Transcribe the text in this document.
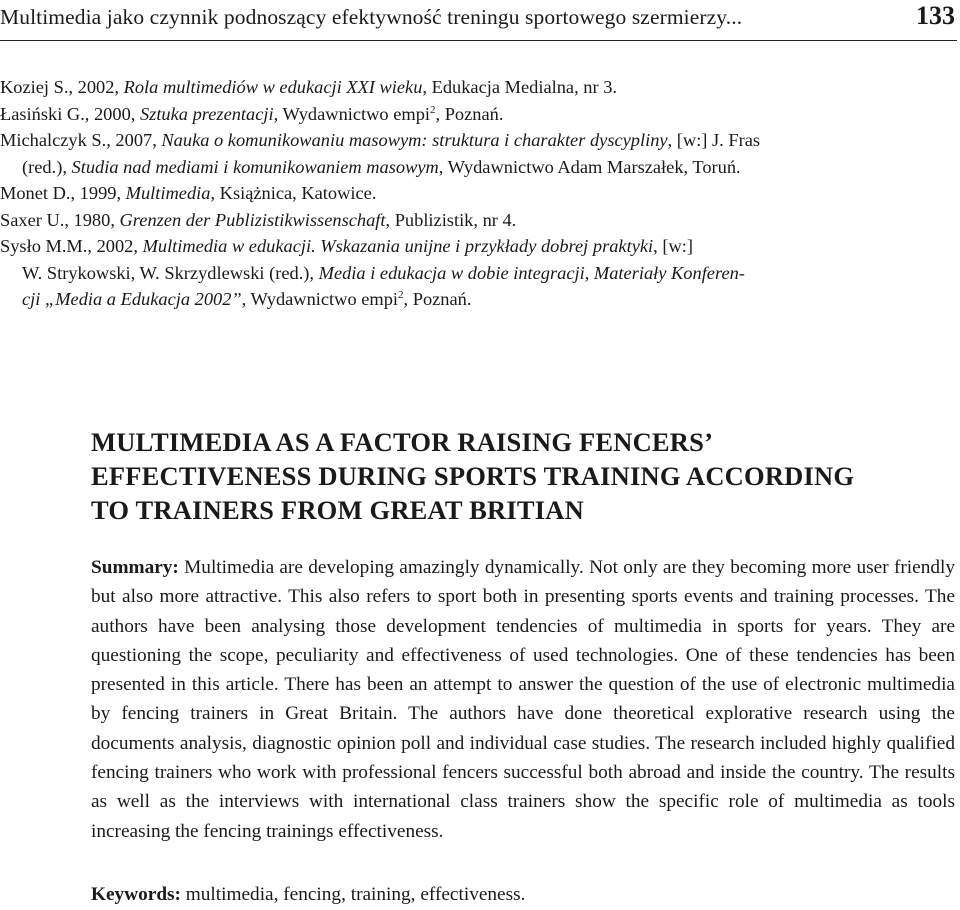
Multimedia jako czynnik podnoszący efektywność treningu sportowego szermierzy...	133
Koziej S., 2002, Rola multimediów w edukacji XXI wieku, Edukacja Medialna, nr 3.
Łasiński G., 2000, Sztuka prezentacji, Wydawnictwo empi$^2$, Poznań.
Michalczyk S., 2007, Nauka o komunikowaniu masowym: struktura i charakter dyscypliny, [w:] J. Fras
(red.), Studia nad mediami i komunikowaniem masowym, Wydawnictwo Adam Marszałek, Toruń.
Monet D., 1999, Multimedia, Książnica, Katowice.
Saxer U., 1980, Grenzen der Publizistikwissenschaft, Publizistik, nr 4.
Sysło M.M., 2002, Multimedia w edukacji. Wskazania unijne i przykłady dobrej praktyki, [w:]
W. Strykowski, W. Skrzydlewski (red.), Media i edukacja w dobie integracji, Materiały Konferen-
cji „Media a Edukacja 2002”, Wydawnictwo empi$^2$, Poznań.
MULTIMEDIA AS A FACTOR RAISING FENCERS’
EFFECTIVENESS DURING SPORTS TRAINING ACCORDING
TO TRAINERS FROM GREAT BRITIAN
Summary: Multimedia are developing amazingly dynamically. Not only are they becoming more user friendly but also more attractive. This also refers to sport both in presenting sports events and training processes. The authors have been analysing those development tendencies of multimedia in sports for years. They are questioning the scope, peculiarity and effectiveness of used technologies. One of these tendencies has been presented in this article. There has been an attempt to answer the question of the use of electronic multimedia by fencing trainers in Great Britain. The authors have done theoretical explorative research using the documents analysis, diagnostic opinion poll and individual case studies. The research included highly qualified fencing trainers who work with professional fencers successful both abroad and inside the country. The results as well as the interviews with international class trainers show the specific role of multimedia as tools increasing the fencing trainings effectiveness.
Keywords: multimedia, fencing, training, effectiveness.
